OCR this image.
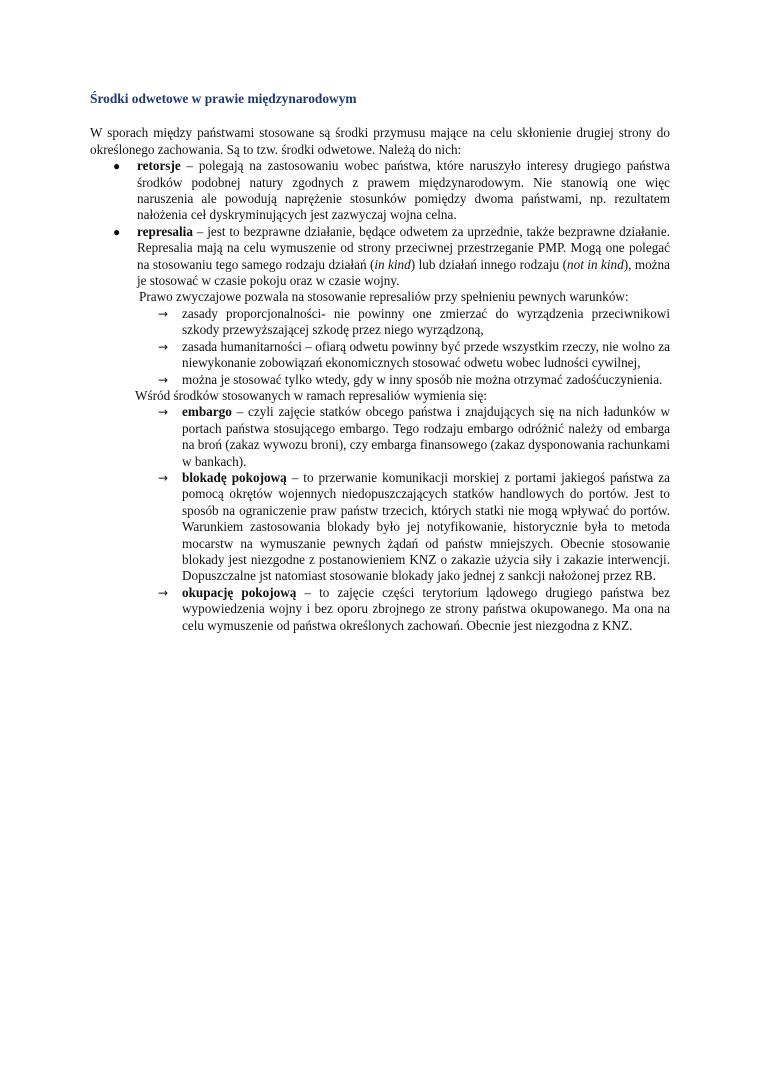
Środki odwetowe w prawie międzynarodowym

W sporach między państwami stosowane są środki przymusu mające na celu skłonienie drugiej strony do określonego zachowania. Są to tzw. środki odwetowe. Należą do nich:

● retorsje – polegają na zastosowaniu wobec państwa, które naruszyło interesy drugiego państwa środków podobnej natury zgodnych z prawem międzynarodowym. Nie stanowią one więc naruszenia ale powodują naprężenie stosunków pomiędzy dwoma państwami, np. rezultatem nałożenia ceł dyskryminujących jest zazwyczaj wojna celna.
● represalia – jest to bezprawne działanie, będące odwetem za uprzednie, także bezprawne działanie. Represalia mają na celu wymuszenie od strony przeciwnej przestrzeganie PMP. Mogą one polegać na stosowaniu tego samego rodzaju działań (in kind) lub działań innego rodzaju (not in kind), można je stosować w czasie pokoju oraz w czasie wojny.

Prawo zwyczajowe pozwala na stosowanie represaliów przy spełnieniu pewnych warunków:

→ zasady proporcjonalności- nie powinny one zmierzać do wyrządzenia przeciwnikowi szkody przewyższającej szkodę przez niego wyrządzoną,
→ zasada humanitarności – ofiarą odwetu powinny być przede wszystkim rzeczy, nie wolno za niewykonanie zobowiązań ekonomicznych stosować odwetu wobec ludności cywilnej,
→ można je stosować tylko wtedy, gdy w inny sposób nie można otrzymać zadośćuczynienia.

Wśród środków stosowanych w ramach represaliów wymienia się:

→ embargo – czyli zajęcie statków obcego państwa i znajdujących się na nich ładunków w portach państwa stosującego embargo. Tego rodzaju embargo odróżnić należy od embarga na broń (zakaz wywozu broni), czy embarga finansowego (zakaz dysponowania rachunkami w bankach).
→ blokadę pokojową – to przerwanie komunikacji morskiej z portami jakiegoś państwa za pomocą okrętów wojennych niedopuszczających statków handlowych do portów. Jest to sposób na ograniczenie praw państw trzecich, których statki nie mogą wpływać do portów. Warunkiem zastosowania blokady było jej notyfikowanie, historycznie była to metoda mocarstw na wymuszanie pewnych żądań od państw mniejszych. Obecnie stosowanie blokady jest niezgodne z postanowieniem KNZ o zakazie użycia siły i zakazie interwencji. Dopuszczalne jst natomiast stosowanie blokady jako jednej z sankcji nałożonej przez RB.
→ okupację pokojową – to zajęcie części terytorium lądowego drugiego państwa bez wypowiedzenia wojny i bez oporu zbrojnego ze strony państwa okupowanego. Ma ona na celu wymuszenie od państwa określonych zachowań. Obecnie jest niezgodna z KNZ.
